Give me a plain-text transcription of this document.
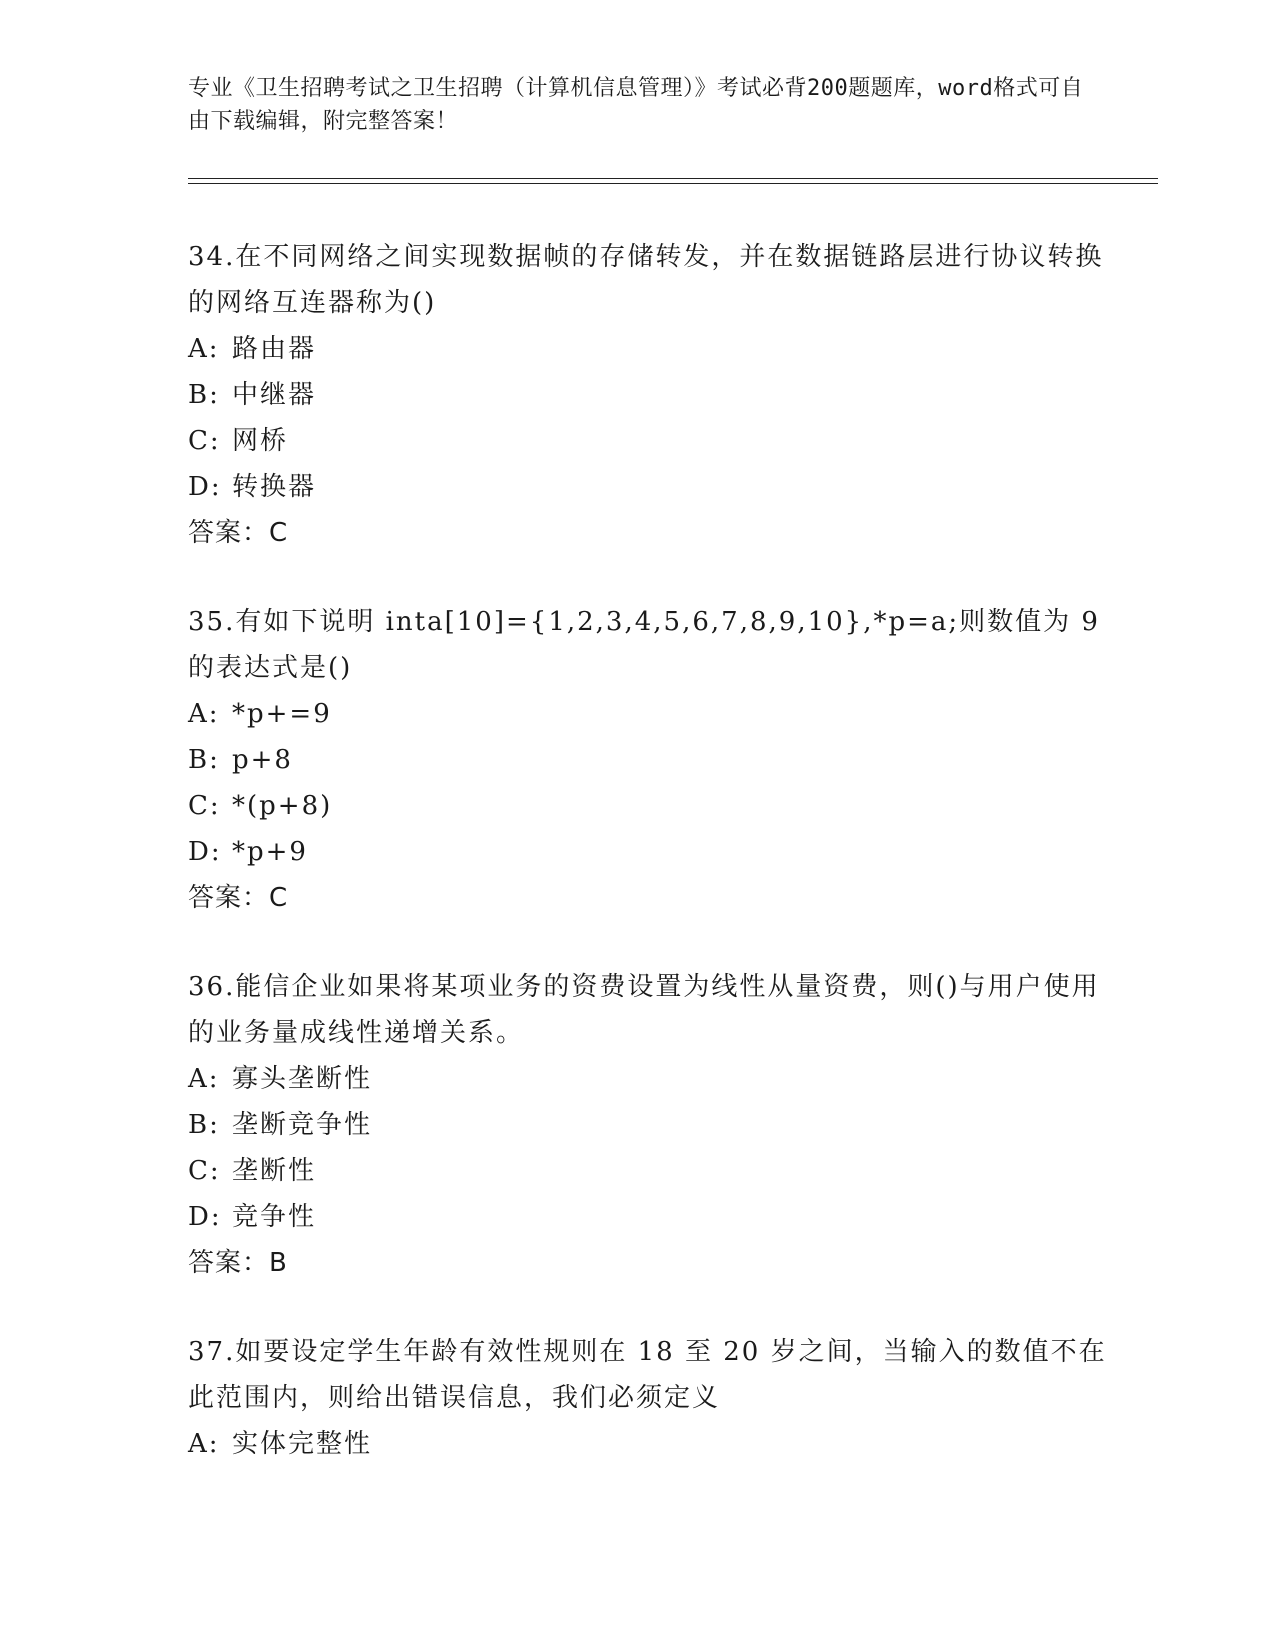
专业《卫生招聘考试之卫生招聘（计算机信息管理）》考试必背200题题库，word格式可自由下载编辑，附完整答案！

34.在不同网络之间实现数据帧的存储转发，并在数据链路层进行协议转换的网络互连器称为()

A: 路由器

B: 中继器

C: 网桥

D: 转换器

答案：C

35.有如下说明 inta[10]={1,2,3,4,5,6,7,8,9,10},*p=a;则数值为 9 的表达式是()

A: *p+=9

B: p+8

C: *(p+8)

D: *p+9

答案：C

36.能信企业如果将某项业务的资费设置为线性从量资费，则()与用户使用的业务量成线性递增关系。

A: 寡头垄断性

B: 垄断竞争性

C: 垄断性

D: 竞争性

答案：B

37.如要设定学生年龄有效性规则在 18 至 20 岁之间，当输入的数值不在此范围内，则给出错误信息，我们必须定义

A: 实体完整性
